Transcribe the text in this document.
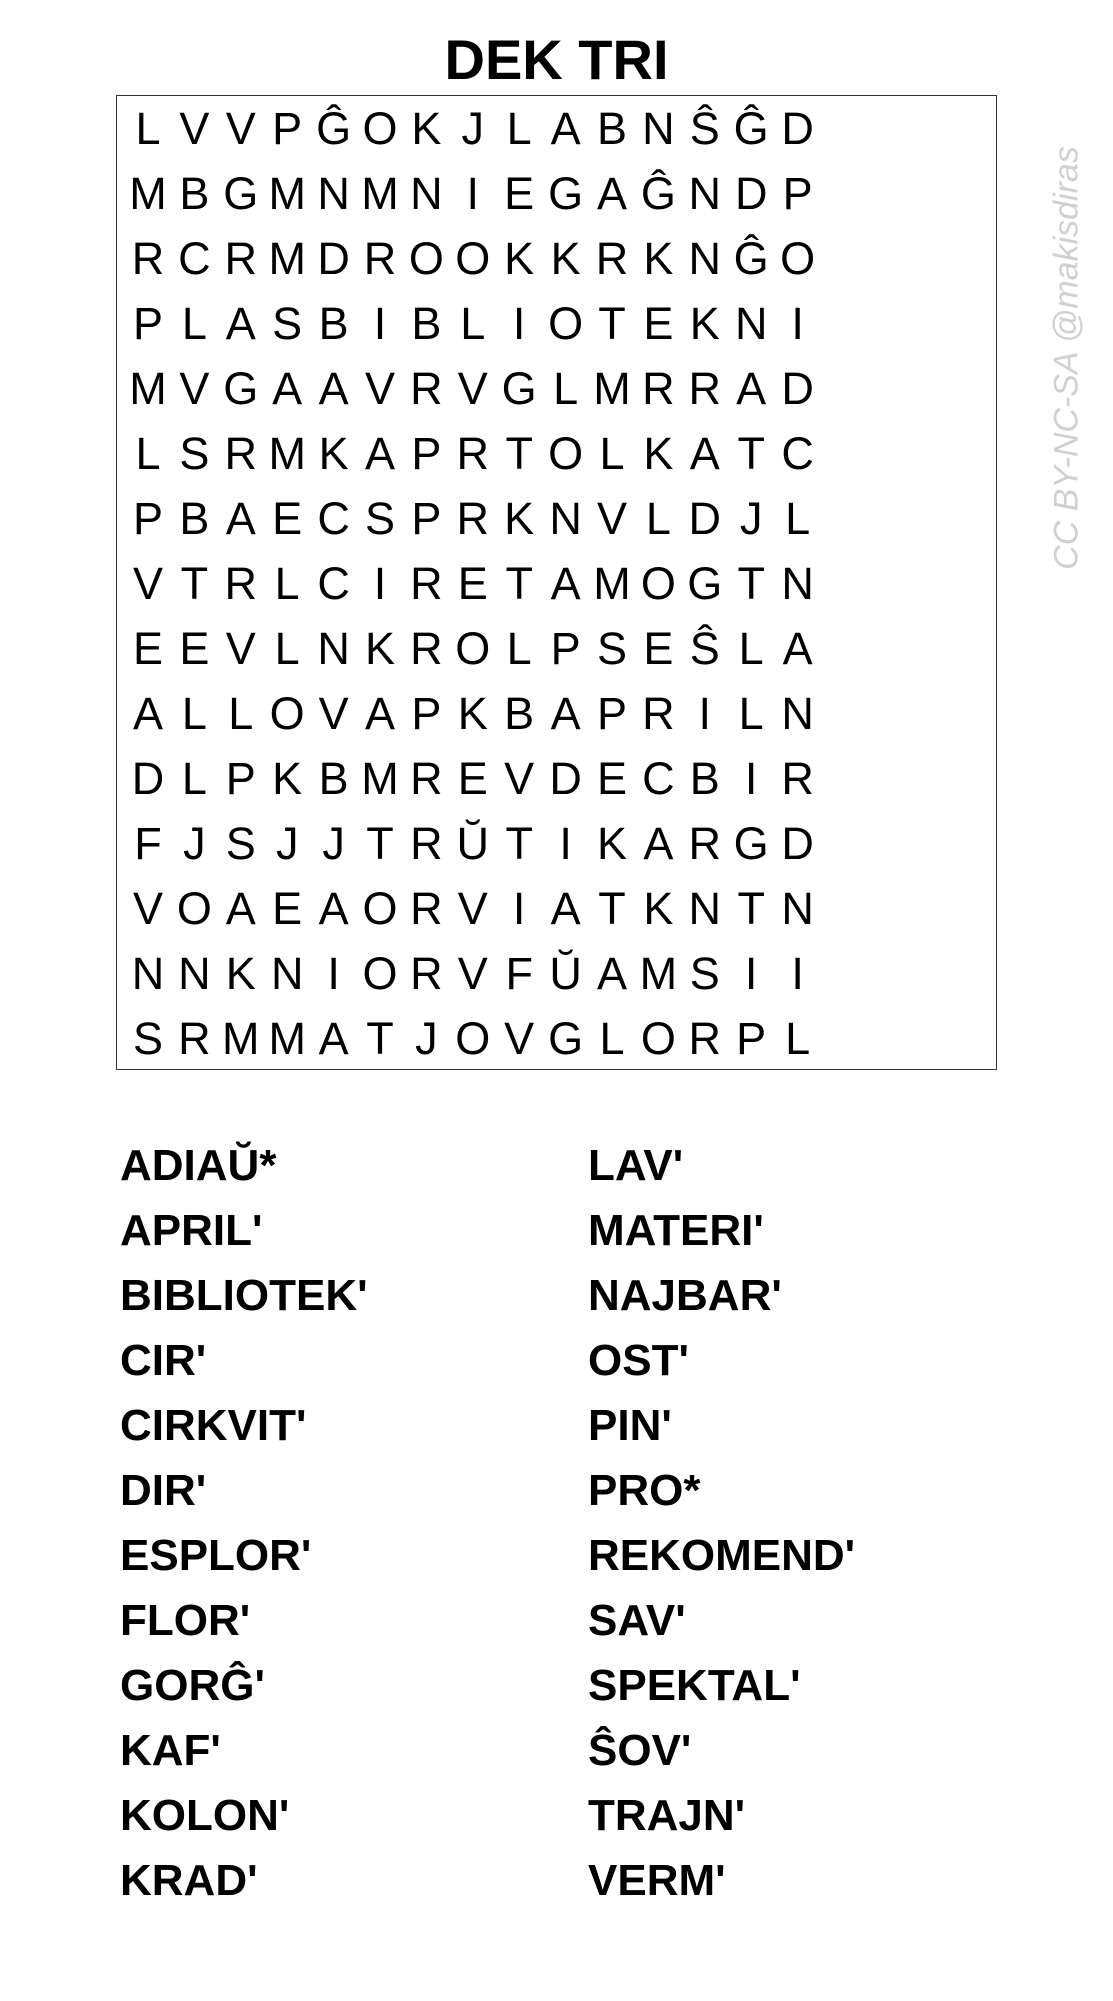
DEK TRI
L V V P Ĝ O K J L A B N Ŝ Ĝ D
M B G M N M N I E G A Ĝ N D P
R C R M D R O O K K R K N Ĝ O
P L A S B I B L I O T E K N I
M V G A A V R V G L M R R A D
L S R M K A P R T O L K A T C
P B A E C S P R K N V L D J L
V T R L C I R E T A M O G T N
E E V L N K R O L P S E Ŝ L A
A L L O V A P K B A P R I L N
D L P K B M R E V D E C B I R
F J S J J T R Ŭ T I K A R G D
V O A E A O R V I A T K N T N
N N K N I O R V F Ŭ A M S I I
S R M M A T J O V G L O R P L
CC BY-NC-SA @makisdiras
ADIAŬ*
APRIL'
BIBLIOTEK'
CIR'
CIRKVIT'
DIR'
ESPLOR'
FLOR'
GORĜ'
KAF'
KOLON'
KRAD'
LAV'
MATERI'
NAJBAR'
OST'
PIN'
PRO*
REKOMEND'
SAV'
SPEKTAL'
ŜOV'
TRAJN'
VERM'
